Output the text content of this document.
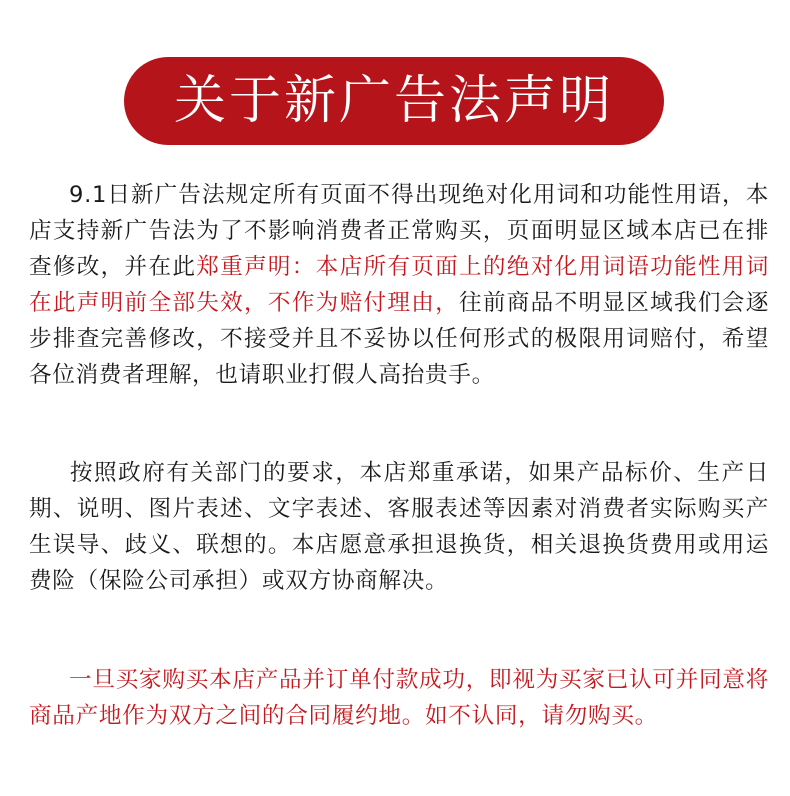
关于新广告法声明
9.1日新广告法规定所有页面不得出现绝对化用词和功能性用语，本店支持新广告法为了不影响消费者正常购买，页面明显区域本店已在排查修改，并在此郑重声明：本店所有页面上的绝对化用词语功能性用词在此声明前全部失效，不作为赔付理由，往前商品不明显区域我们会逐步排查完善修改，不接受并且不妥协以任何形式的极限用词赔付，希望各位消费者理解，也请职业打假人高抬贵手。
按照政府有关部门的要求，本店郑重承诺，如果产品标价、生产日期、说明、图片表述、文字表述、客服表述等因素对消费者实际购买产生误导、歧义、联想的。本店愿意承担退换货，相关退换货费用或用运费险（保险公司承担）或双方协商解决。
一旦买家购买本店产品并订单付款成功，即视为买家已认可并同意将商品产地作为双方之间的合同履约地。如不认同，请勿购买。
